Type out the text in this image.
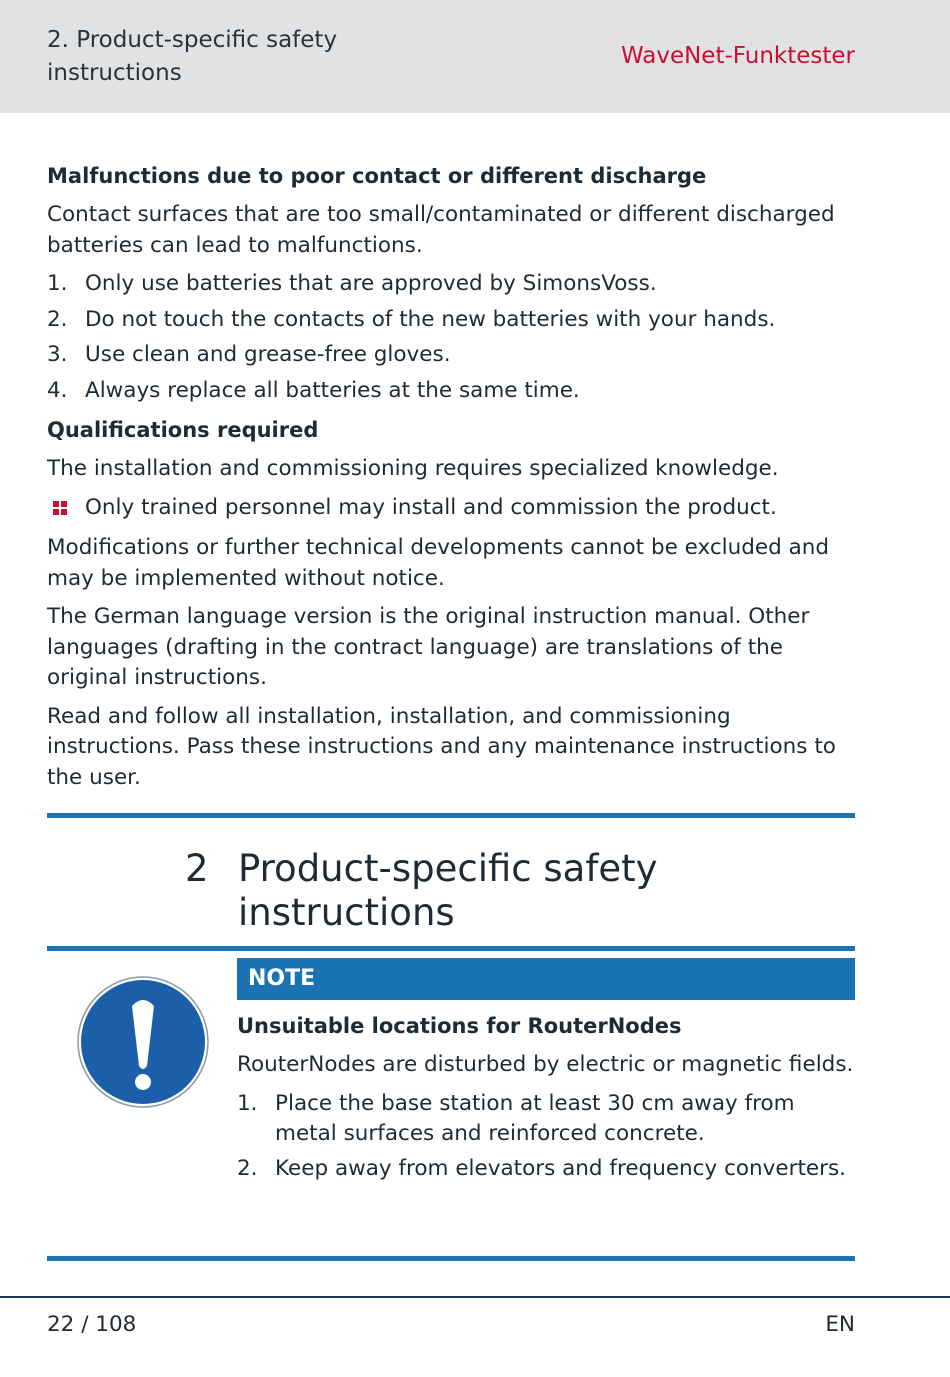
2. Product-specific safety instructions
WaveNet-Funktester
Malfunctions due to poor contact or different discharge
Contact surfaces that are too small/contaminated or different discharged batteries can lead to malfunctions.
1. Only use batteries that are approved by SimonsVoss.
2. Do not touch the contacts of the new batteries with your hands.
3. Use clean and grease-free gloves.
4. Always replace all batteries at the same time.
Qualifications required
The installation and commissioning requires specialized knowledge.
Only trained personnel may install and commission the product.
Modifications or further technical developments cannot be excluded and may be implemented without notice.
The German language version is the original instruction manual. Other languages (drafting in the contract language) are translations of the original instructions.
Read and follow all installation, installation, and commissioning instructions. Pass these instructions and any maintenance instructions to the user.
2 Product-specific safety instructions
NOTE
Unsuitable locations for RouterNodes
RouterNodes are disturbed by electric or magnetic fields.
1. Place the base station at least 30 cm away from metal surfaces and reinforced concrete.
2. Keep away from elevators and frequency converters.
22 / 108	EN
